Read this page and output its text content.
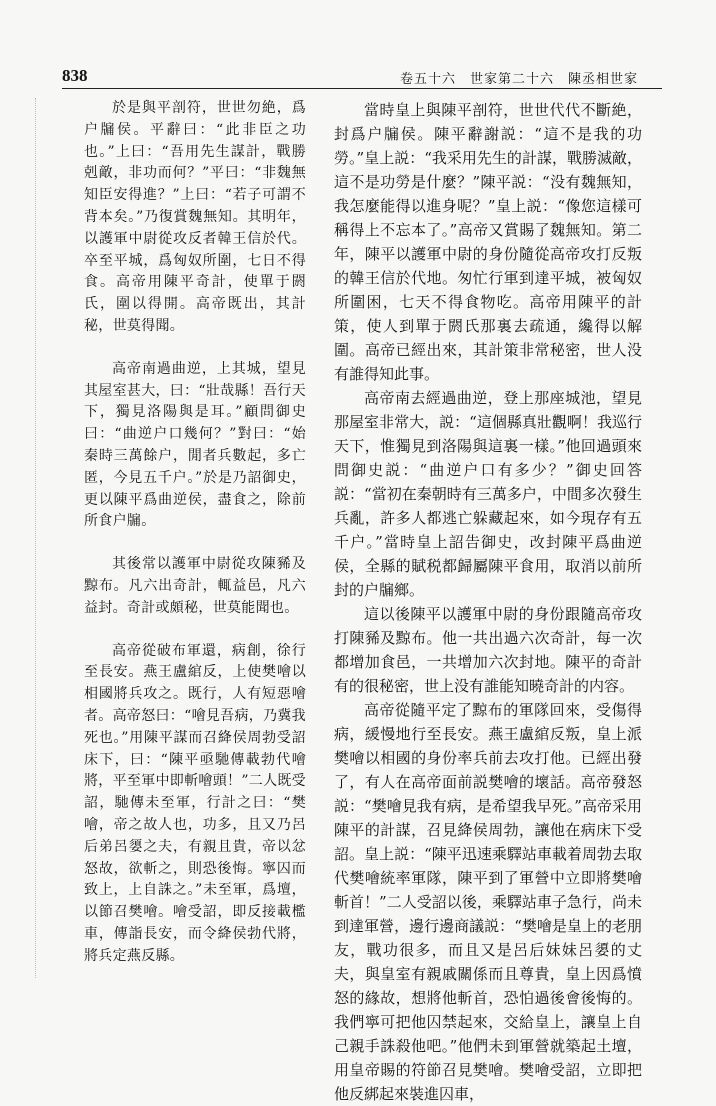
838	卷五十六　世家第二十六　陳丞相世家

於是與平剖符，世世勿絶，爲户牖侯。平辭曰：“此非臣之功也。”上曰：“吾用先生謀計，戰勝剋敵，非功而何？”平曰：“非魏無知臣安得進？”上曰：“若子可謂不背本矣。”乃復賞魏無知。其明年，以護軍中尉從攻反者韓王信於代。卒至平城，爲匈奴所圍，七日不得食。高帝用陳平奇計，使單于閼氏，圍以得開。高帝既出，其計秘，世莫得聞。

高帝南過曲逆，上其城，望見其屋室甚大，曰：“壯哉縣！吾行天下，獨見洛陽與是耳。”顧問御史曰：“曲逆户口幾何？”對曰：“始秦時三萬餘户，閒者兵數起，多亡匿，今見五千户。”於是乃詔御史，更以陳平爲曲逆侯，盡食之，除前所食户牖。

其後常以護軍中尉從攻陳豨及黥布。凡六出奇計，輒益邑，凡六益封。奇計或頗秘，世莫能聞也。

高帝從破布軍還，病創，徐行至長安。燕王盧綰反，上使樊噲以相國將兵攻之。既行，人有短惡噲者。高帝怒曰：“噲見吾病，乃冀我死也。”用陳平謀而召絳侯周勃受詔床下，曰：“陳平亟馳傳載勃代噲將，平至軍中即斬噲頭！”二人既受詔，馳傳未至軍，行計之曰：“樊噲，帝之故人也，功多，且又乃呂后弟呂嬃之夫，有親且貴，帝以忿怒故，欲斬之，則恐後悔。寧囚而致上，上自誅之。”未至軍，爲壇，以節召樊噲。噲受詔，即反接載檻車，傳詣長安，而令絳侯勃代將，將兵定燕反縣。

當時皇上與陳平剖符，世世代代不斷絶，封爲户牖侯。陳平辭謝説：“這不是我的功勞。”皇上説：“我采用先生的計謀，戰勝滅敵，這不是功勞是什麼？”陳平説：“没有魏無知，我怎麼能得以進身呢？”皇上説：“像您這樣可稱得上不忘本了。”高帝又賞賜了魏無知。第二年，陳平以護軍中尉的身份隨從高帝攻打反叛的韓王信於代地。匆忙行軍到達平城，被匈奴所圍困，七天不得食物吃。高帝用陳平的計策，使人到單于閼氏那裏去疏通，纔得以解圍。高帝已經出來，其計策非常秘密，世人没有誰得知此事。

高帝南去經過曲逆，登上那座城池，望見那屋室非常大，説：“這個縣真壯觀啊！我巡行天下，惟獨見到洛陽與這裏一樣。”他回過頭來問御史説：“曲逆户口有多少？”御史回答説：“當初在秦朝時有三萬多户，中間多次發生兵亂，許多人都逃亡躲藏起來，如今現存有五千户。”當時皇上詔告御史，改封陳平爲曲逆侯，全縣的賦税都歸屬陳平食用，取消以前所封的户牖鄉。

這以後陳平以護軍中尉的身份跟隨高帝攻打陳豨及黥布。他一共出過六次奇計，每一次都增加食邑，一共增加六次封地。陳平的奇計有的很秘密，世上没有誰能知曉奇計的内容。

高帝從隨平定了黥布的軍隊回來，受傷得病，緩慢地行至長安。燕王盧綰反叛，皇上派樊噲以相國的身份率兵前去攻打他。已經出發了，有人在高帝面前説樊噲的壞話。高帝發怒説：“樊噲見我有病，是希望我早死。”高帝采用陳平的計謀，召見絳侯周勃，讓他在病床下受詔。皇上説：“陳平迅速乘驛站車載着周勃去取代樊噲統率軍隊，陳平到了軍營中立即將樊噲斬首！”二人受詔以後，乘驛站車子急行，尚未到達軍營，邊行邊商議説：“樊噲是皇上的老朋友，戰功很多，而且又是呂后妹妹呂嬃的丈夫，與皇室有親戚關係而且尊貴，皇上因爲憤怒的緣故，想將他斬首，恐怕過後會後悔的。我們寧可把他囚禁起來，交給皇上，讓皇上自己親手誅殺他吧。”他們未到軍營就築起土壇，用皇帝賜的符節召見樊噲。樊噲受詔，立即把他反綁起來裝進囚車，
